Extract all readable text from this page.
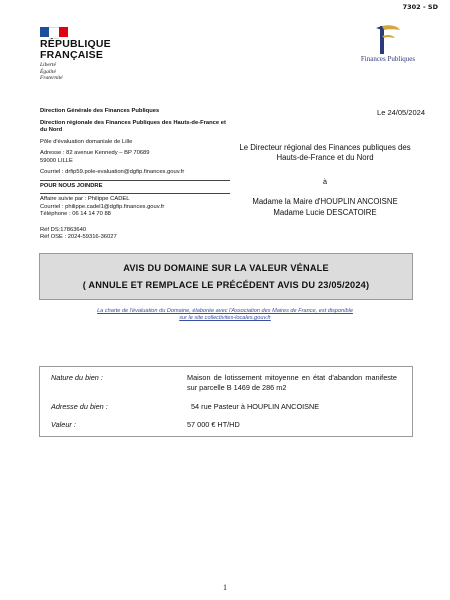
7302 - SD
RÉPUBLIQUE
FRANÇAISE
Liberté
Égalité
Fraternité
Finances Publiques

Direction Générale des Finances Publiques

Direction régionale des Finances Publiques des Hauts-de-France et du Nord

Pôle d'évaluation domaniale de Lille

Adresse : 82 avenue Kennedy – BP 70689

59000 LILLE

Courriel : drfip59.pole-evaluation@dgfip.finances.gouv.fr

POUR NOUS JOINDRE

Affaire suivie par : Philippe CADEL

Courriel : philippe.cadel1@dgfip.finances.gouv.fr

Téléphone : 06 14 14 70 88

Réf DS:17863640

Réf OSE : 2024-59316-36027

Le 24/05/2024
Le Directeur régional des Finances publiques des
Hauts-de-France et du Nord
à
Madame la Maire d'HOUPLIN ANCOISNE
Madame Lucie DESCATOIRE
AVIS DU DOMAINE SUR LA VALEUR VÉNALE
( ANNULE ET REMPLACE LE PRÉCÉDENT AVIS DU 23/05/2024)
La charte de l'évaluation du Domaine, élaborée avec l'Association des Maires de France, est disponible
sur le site collectivites-locales.gouv.fr
Nature du bien :	Maison de lotissement mitoyenne en état d'abandon manifeste sur parcelle B 1469 de 286 m2
Adresse du bien :	54 rue Pasteur à HOUPLIN ANCOISNE
Valeur :	57 000 € HT/HD
1
